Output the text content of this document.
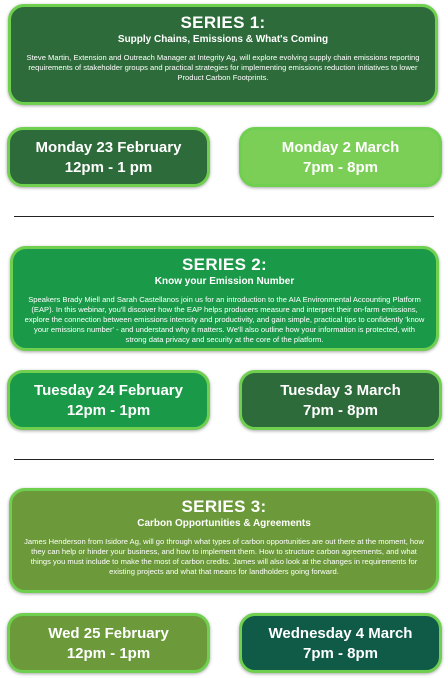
SERIES 1:
Supply Chains, Emissions & What's Coming
Steve Martin, Extension and Outreach Manager at Integrity Ag, will explore evolving supply chain emissions reporting requirements of stakeholder groups and practical strategies for implementing emissions reduction initiatives to lower Product Carbon Footprints.
Monday 23 February
12pm - 1 pm
Monday 2 March
7pm - 8pm
SERIES 2:
Know your Emission Number
Speakers Brady Miell and Sarah Castellanos join us for an introduction to the AIA Environmental Accounting Platform (EAP). In this webinar, you'll discover how the EAP helps producers measure and interpret their on-farm emissions, explore the connection between emissions intensity and productivity, and gain simple, practical tips to confidently 'know your emissions number' - and understand why it matters. We'll also outline how your information is protected, with strong data privacy and security at the core of the platform.
Tuesday 24 February
12pm - 1pm
Tuesday 3 March
7pm - 8pm
SERIES 3:
Carbon Opportunities & Agreements
James Henderson from Isidore Ag, will go through what types of carbon opportunities are out there at the moment, how they can help or hinder your business, and how to implement them. How to structure carbon agreements, and what things you must include to make the most of carbon credits. James will also look at the changes in requirements for existing projects and what that means for landholders going forward.
Wed 25 February
12pm - 1pm
Wednesday 4 March
7pm - 8pm
